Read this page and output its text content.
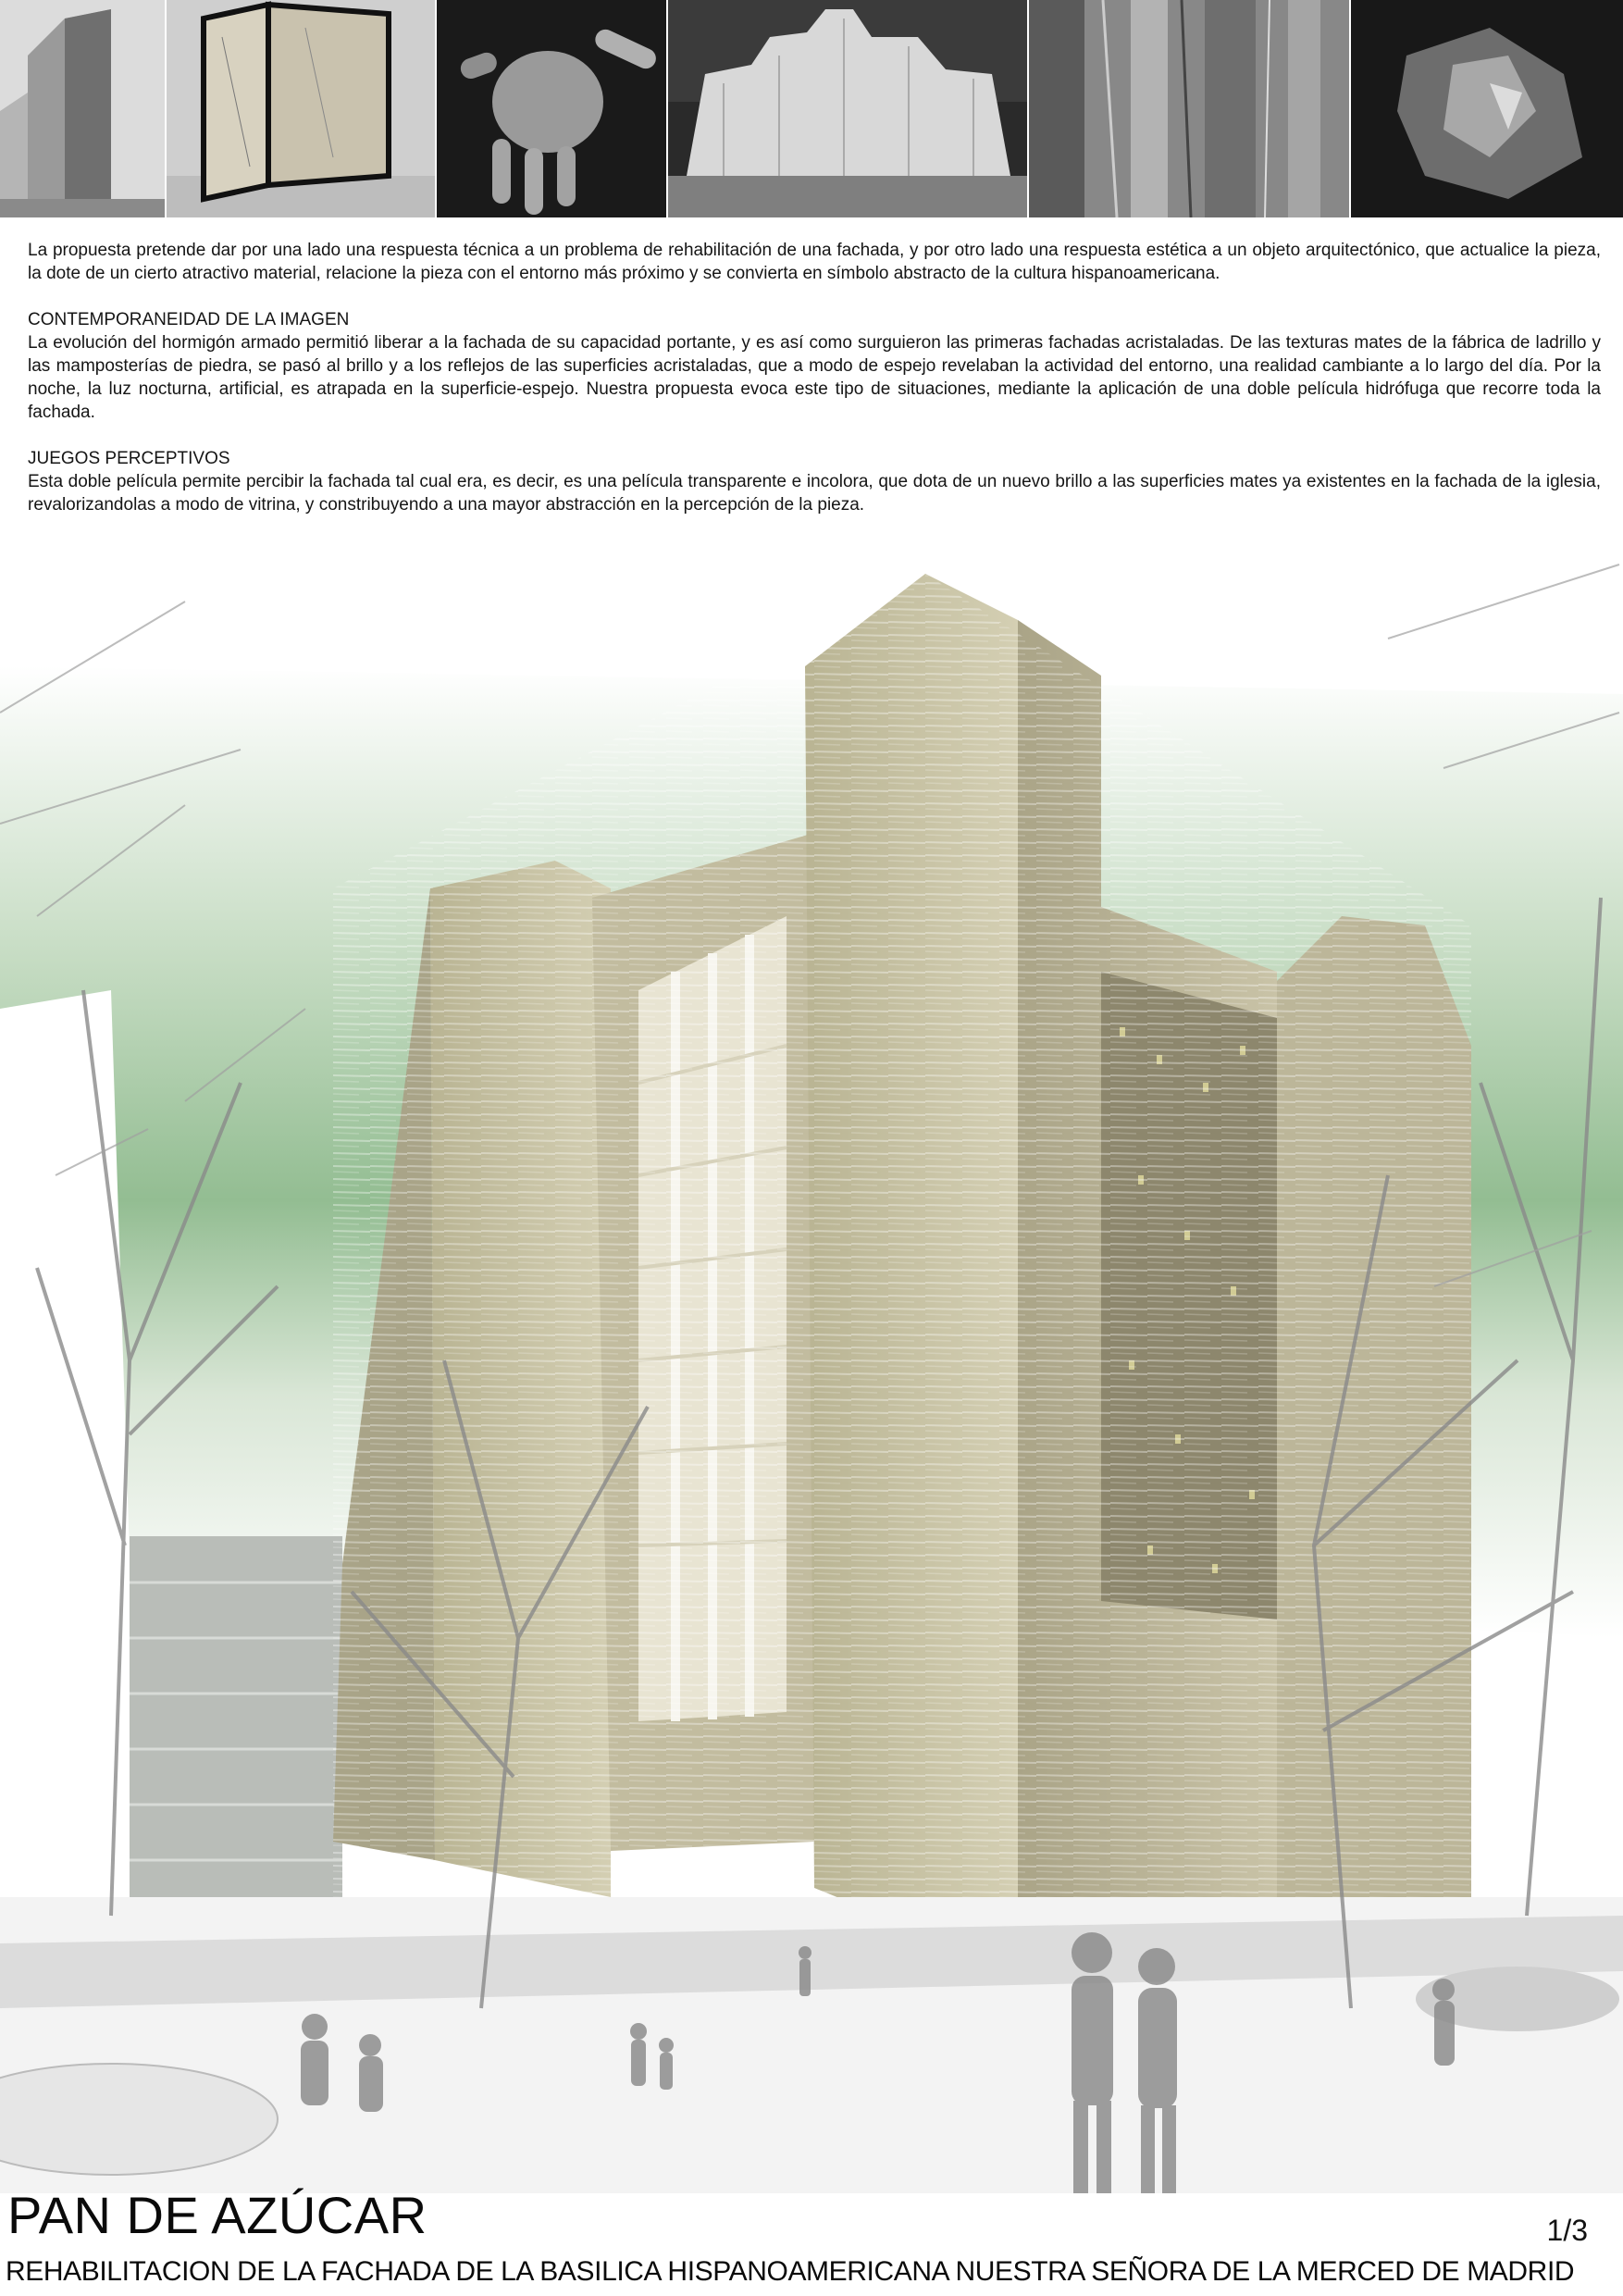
La propuesta pretende dar por una lado una respuesta técnica a un problema de rehabilitación de una fachada, y por otro lado una respuesta estética a un objeto arquitectónico, que actualice la pieza, la dote de un cierto atractivo material, relacione la pieza con el entorno más próximo y se convierta en símbolo abstracto de la cultura hispanoamericana.

CONTEMPORANEIDAD DE LA IMAGEN

La evolución del hormigón armado permitió liberar a la fachada de su capacidad portante, y es así como surguieron las primeras fachadas acristaladas. De las texturas mates de la fábrica de ladrillo y las mamposterías de piedra, se pasó al brillo y a los reflejos de las superficies acristaladas, que a modo de espejo revelaban la actividad del entorno, una realidad cambiante a lo largo del día. Por la noche, la luz nocturna, artificial, es atrapada en la superficie-espejo. Nuestra propuesta evoca este tipo de situaciones, mediante la aplicación de una doble película hidrófuga que recorre toda la fachada.

JUEGOS PERCEPTIVOS

Esta doble película permite percibir la fachada tal cual era, es decir, es una película transparente e incolora, que dota de un nuevo brillo a las superficies mates ya existentes en la fachada de la iglesia, revalorizandolas a modo de vitrina, y constribuyendo a una mayor abstracción en la percepción de la pieza.

PAN DE AZÚCAR	1/3
REHABILITACION DE LA FACHADA DE LA BASILICA HISPANOAMERICANA NUESTRA SEÑORA DE LA MERCED DE MADRID
